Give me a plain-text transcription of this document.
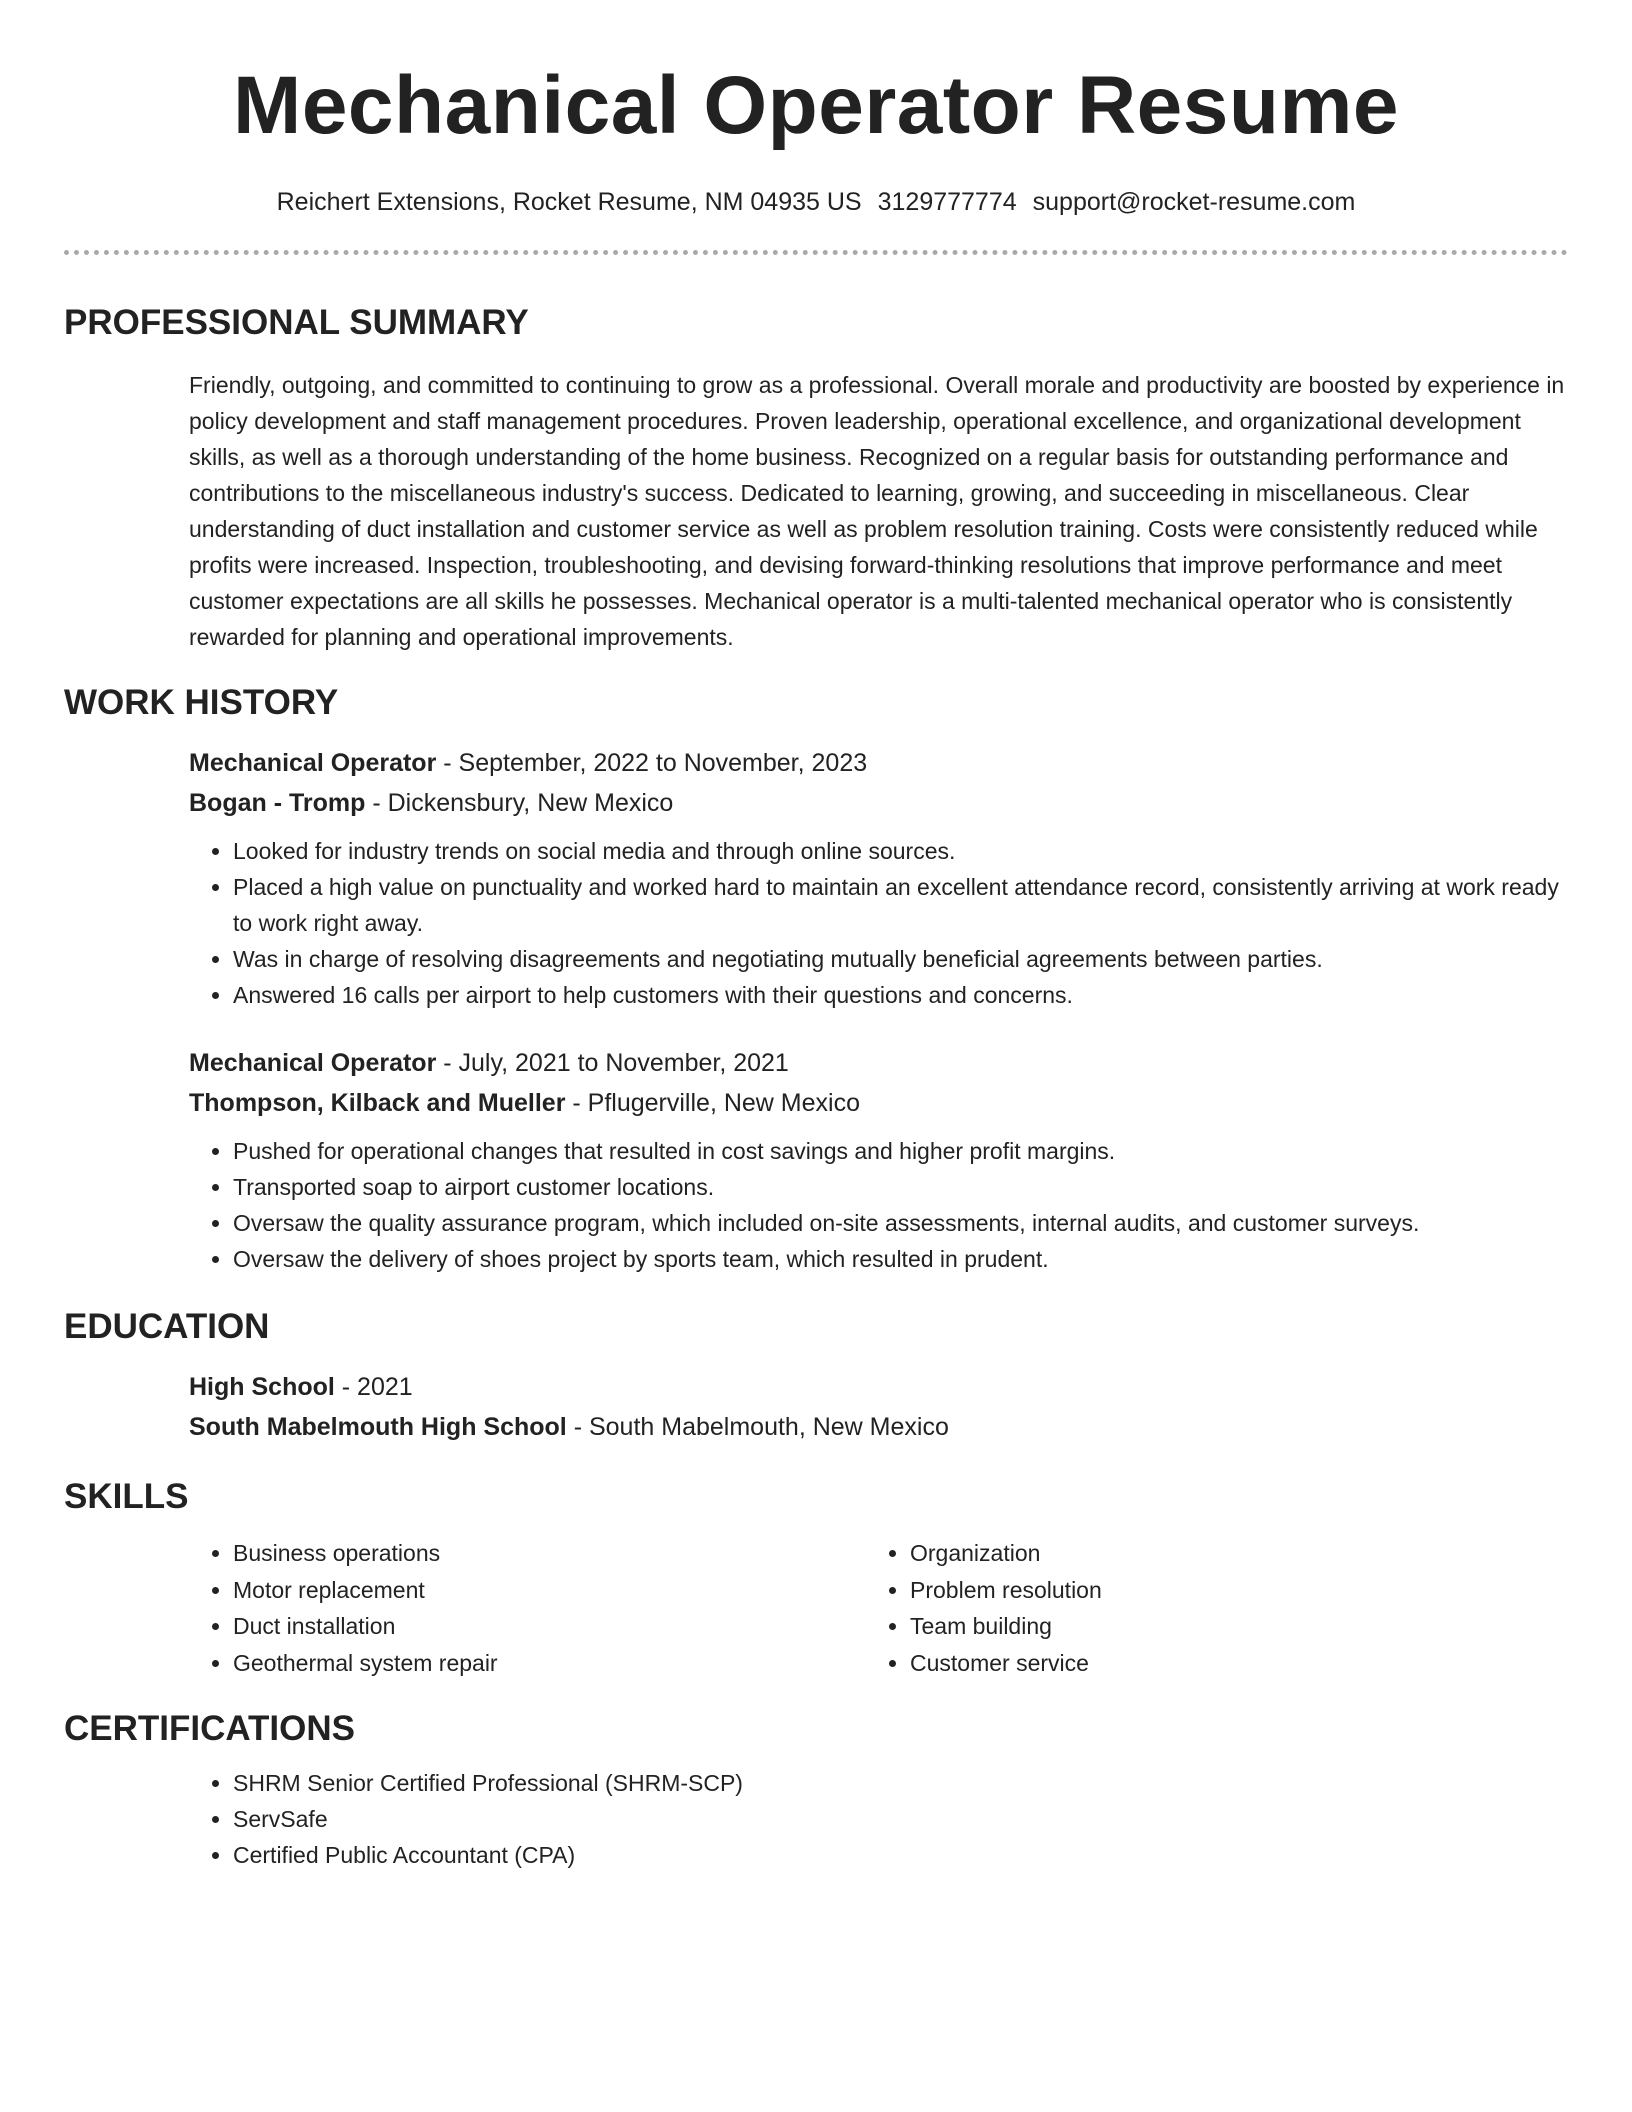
Mechanical Operator Resume
Reichert Extensions, Rocket Resume, NM 04935 US 3129777774 support@rocket-resume.com
PROFESSIONAL SUMMARY

Friendly, outgoing, and committed to continuing to grow as a professional. Overall morale and productivity are boosted by experience in policy development and staff management procedures. Proven leadership, operational excellence, and organizational development skills, as well as a thorough understanding of the home business. Recognized on a regular basis for outstanding performance and contributions to the miscellaneous industry's success. Dedicated to learning, growing, and succeeding in miscellaneous. Clear understanding of duct installation and customer service as well as problem resolution training. Costs were consistently reduced while profits were increased. Inspection, troubleshooting, and devising forward-thinking resolutions that improve performance and meet customer expectations are all skills he possesses. Mechanical operator is a multi-talented mechanical operator who is consistently rewarded for planning and operational improvements.

WORK HISTORY
Mechanical Operator - September, 2022 to November, 2023
Bogan - Tromp - Dickensbury, New Mexico
• Looked for industry trends on social media and through online sources.
• Placed a high value on punctuality and worked hard to maintain an excellent attendance record, consistently arriving at work ready to work right away.
• Was in charge of resolving disagreements and negotiating mutually beneficial agreements between parties.
• Answered 16 calls per airport to help customers with their questions and concerns.
Mechanical Operator - July, 2021 to November, 2021
Thompson, Kilback and Mueller - Pflugerville, New Mexico
• Pushed for operational changes that resulted in cost savings and higher profit margins.
• Transported soap to airport customer locations.
• Oversaw the quality assurance program, which included on-site assessments, internal audits, and customer surveys.
• Oversaw the delivery of shoes project by sports team, which resulted in prudent.
EDUCATION
High School - 2021
South Mabelmouth High School - South Mabelmouth, New Mexico
SKILLS
• Business operations
• Motor replacement
• Duct installation
• Geothermal system repair
• Organization
• Problem resolution
• Team building
• Customer service
CERTIFICATIONS
• SHRM Senior Certified Professional (SHRM-SCP)
• ServSafe
• Certified Public Accountant (CPA)
